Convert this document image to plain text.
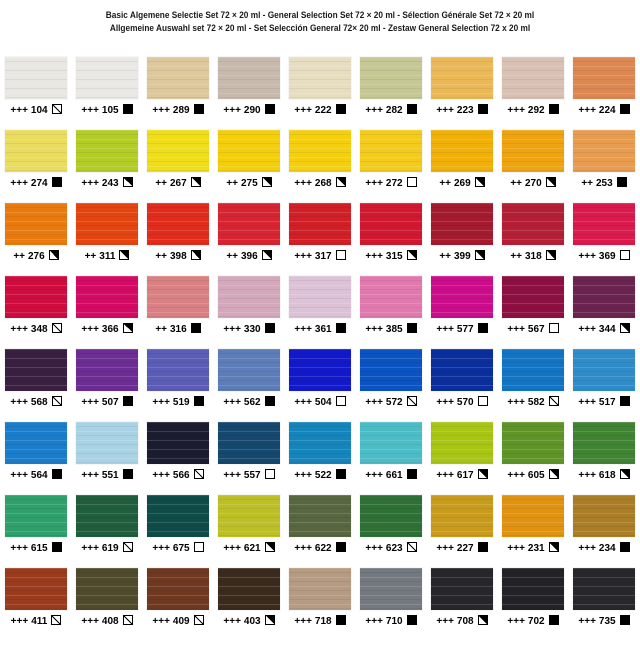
Basic Algemene Selectie Set 72 × 20 ml - General Selection Set 72 × 20 ml - Sélection Générale Set 72 × 20 ml
Allgemeine Auswahl set 72 × 20 ml - Set Selección General 72× 20 ml - Zestaw General Selection 72 x 20 ml
+++ 104	+++ 105	+++ 289	+++ 290	+++ 222	+++ 282	+++ 223	+++ 292	+++ 224
+++ 274	+++ 243	++ 267	++ 275	+++ 268	+++ 272	++ 269	++ 270	++ 253
++ 276	++ 311	++ 398	++ 396	+++ 317	+++ 315	++ 399	++ 318	+++ 369
+++ 348	+++ 366	++ 316	+++ 330	+++ 361	+++ 385	+++ 577	+++ 567	+++ 344
+++ 568	+++ 507	+++ 519	+++ 562	+++ 504	+++ 572	+++ 570	+++ 582	+++ 517
+++ 564	+++ 551	+++ 566	+++ 557	+++ 522	+++ 661	+++ 617	+++ 605	+++ 618
+++ 615	+++ 619	+++ 675	+++ 621	+++ 622	+++ 623	+++ 227	+++ 231	+++ 234
+++ 411	+++ 408	+++ 409	+++ 403	+++ 718	+++ 710	+++ 708	+++ 702	+++ 735
